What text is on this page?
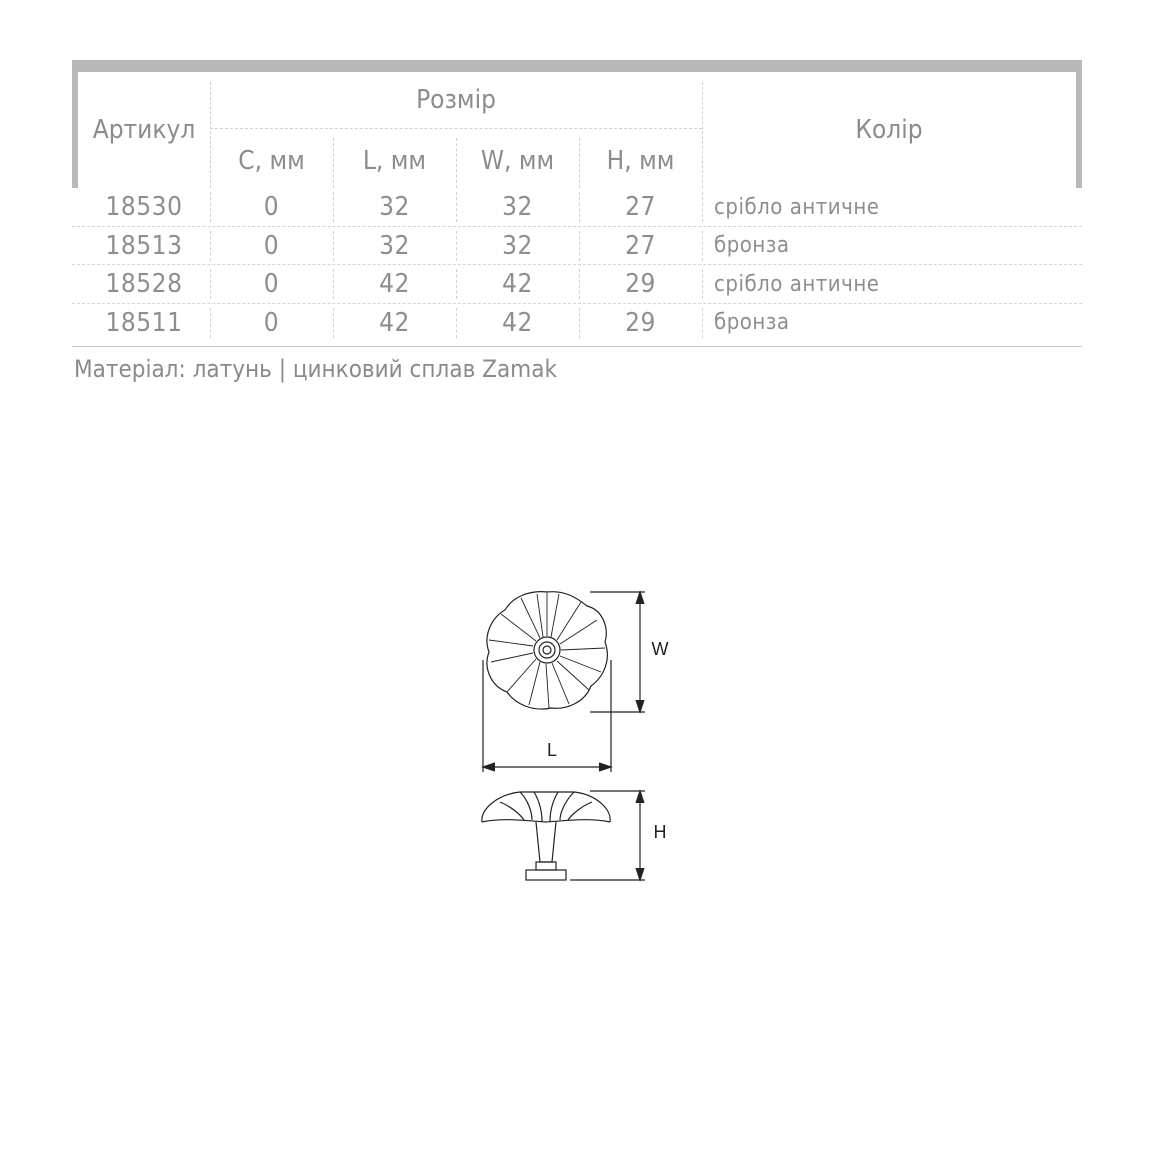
Артикул
Розмір
C, мм	L, мм	W, мм	H, мм
Колір
18530	0	32	32	27	срібло античне
18513	0	32	32	27	бронза
18528	0	42	42	29	срібло античне
18511	0	42	42	29	бронза
Матеріал: латунь | цинковий сплав Zamak
W
L
H
